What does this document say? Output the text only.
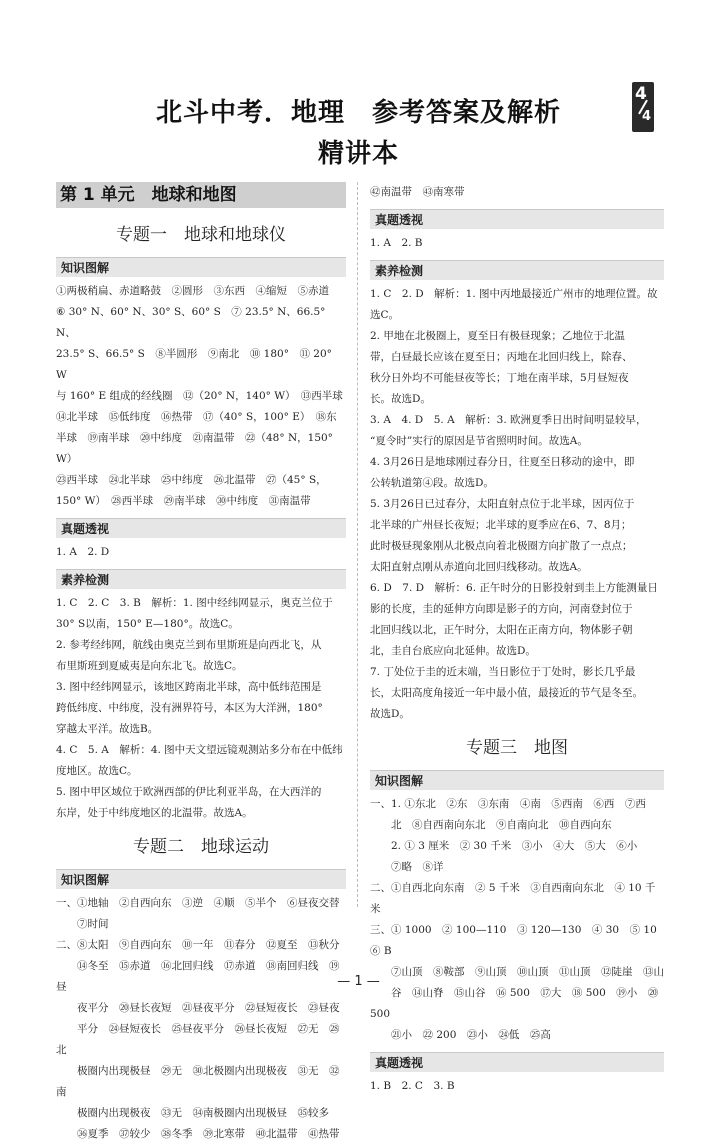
北斗中考．地理　参考答案及解析
精讲本
4
4
第 1 单元　地球和地图
专题一　地球和地球仪
知识图解

①两极稍扁、赤道略鼓　②圆形　③东西　④缩短　⑤赤道

⑥ 30° N、60° N、30° S、60° S　⑦ 23.5° N、66.5° N、

23.5° S、66.5° S　⑧半圆形　⑨南北　⑩ 180°　⑪ 20° W

与 160° E 组成的经线圈　⑫（20° N，140° W）　⑬西半球

⑭北半球　⑮低纬度　⑯热带　⑰（40° S，100° E）　⑱东

半球　⑲南半球　⑳中纬度　㉑南温带　㉒（48° N，150° W）

㉓西半球　㉔北半球　㉕中纬度　㉖北温带　㉗（45° S，

150° W）　㉘西半球　㉙南半球　㉚中纬度　㉛南温带

真题透视

1. A　2. D

素养检测

1. C　2. C　3. B　解析：1. 图中经纬网显示，奥克兰位于

30° S以南，150° E—180°。故选C。

2. 参考经纬网，航线由奥克兰到布里斯班是向西北飞，从

布里斯班到夏威夷是向东北飞。故选C。

3. 图中经纬网显示，该地区跨南北半球，高中低纬范围是

跨低纬度、中纬度，没有洲界符号，本区为大洋洲，180°

穿越太平洋。故选B。

4. C　5. A　解析：4. 图中天文望远镜观测站多分布在中低纬

度地区。故选C。

5. 图中甲区域位于欧洲西部的伊比利亚半岛，在大西洋的

东岸，处于中纬度地区的北温带。故选A。

专题二　地球运动
知识图解

一、①地轴　②自西向东　③逆　④顺　⑤半个　⑥昼夜交替

　　⑦时间

二、⑧太阳　⑨自西向东　⑩一年　⑪春分　⑫夏至　⑬秋分

　　⑭冬至　⑮赤道　⑯北回归线　⑰赤道　⑱南回归线　⑲昼

　　夜平分　⑳昼长夜短　㉑昼夜平分　㉒昼短夜长　㉓昼夜

　　平分　㉔昼短夜长　㉕昼夜平分　㉖昼长夜短　㉗无　㉘北

　　极圈内出现极昼　㉙无　㉚北极圈内出现极夜　㉛无　㉜南

　　极圈内出现极夜　㉝无　㉞南极圈内出现极昼　㉟较多

　　㊱夏季　㊲较少　㊳冬季　㊴北寒带　㊵北温带　㊶热带

㊷南温带　㊸南寒带

真题透视

1. A　2. B

素养检测

1. C　2. D　解析：1. 图中丙地最接近广州市的地理位置。故

选C。

2. 甲地在北极圈上，夏至日有极昼现象；乙地位于北温

带，白昼最长应该在夏至日；丙地在北回归线上，除春、

秋分日外均不可能昼夜等长；丁地在南半球，5月昼短夜

长。故选D。

3. A　4. D　5. A　解析：3. 欧洲夏季日出时间明显较早，

“夏令时”实行的原因是节省照明时间。故选A。

4. 3月26日是地球刚过春分日，往夏至日移动的途中，即

公转轨道第④段。故选D。

5. 3月26日已过春分，太阳直射点位于北半球，因丙位于

北半球的广州昼长夜短；北半球的夏季应在6、7、8月；

此时极昼现象刚从北极点向着北极圈方向扩散了一点点；

太阳直射点刚从赤道向北回归线移动。故选A。

6. D　7. D　解析：6. 正午时分的日影投射到圭上方能测量日

影的长度，圭的延伸方向即是影子的方向，河南登封位于

北回归线以北，正午时分，太阳在正南方向，物体影子朝

北，圭自台底应向北延伸。故选D。

7. 丁处位于圭的近末端，当日影位于丁处时，影长几乎最

长，太阳高度角接近一年中最小值，最接近的节气是冬至。

故选D。

专题三　地图
知识图解

一、1. ①东北　②东　③东南　④南　⑤西南　⑥西　⑦西

　　北　⑧自西南向东北　⑨自南向北　⑩自西向东

　　2. ① 3 厘米　② 30 千米　③小　④大　⑤大　⑥小

　　⑦略　⑧详

二、①自西北向东南　② 5 千米　③自西南向东北　④ 10 千米

三、① 1000　② 100—110　③ 120—130　④ 30　⑤ 10　⑥ B

　　⑦山顶　⑧鞍部　⑨山顶　⑩山顶　⑪山顶　⑫陡崖　⑬山

　　谷　⑭山脊　⑮山谷　⑯ 500　⑰大　⑱ 500　⑲小　⑳ 500

　　㉑小　㉒ 200　㉓小　㉔低　㉕高

真题透视

1. B　2. C　3. B

— 1 —
